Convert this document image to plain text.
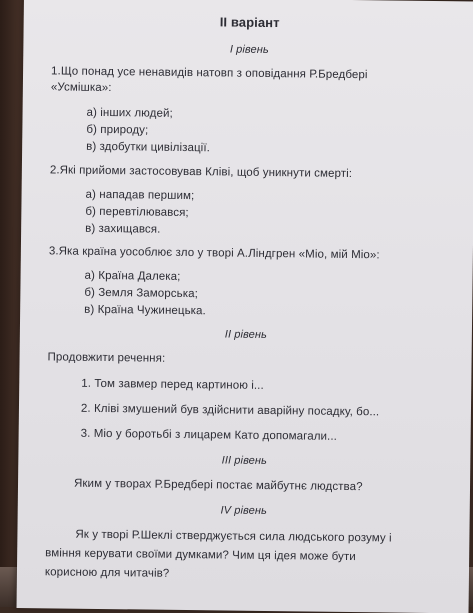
II варіант
I рівень
1.Що понад усе ненавидів натовп з оповідання Р.Бредбері
«Усмішка»:
а) інших людей;
б) природу;
в) здобутки цивілізації.
2.Які прийоми застосовував Кліві, щоб уникнути смерті:
а) нападав першим;
б) перевтілювався;
в) захищався.
3.Яка країна уособлює зло у творі А.Ліндгрен «Міо, мій Міо»:
а) Країна Далека;
б) Земля Заморська;
в) Країна Чужинецька.
II рівень
Продовжити речення:
1. Том завмер перед картиною і...
2. Кліві змушений був здійснити аварійну посадку, бо...
3. Міо у боротьбі з лицарем Като допомагали...
III рівень
Яким у творах Р.Бредбері постає майбутнє людства?
IV рівень
Як у творі Р.Шеклі стверджується сила людського розуму і
вміння керувати своїми думками? Чим ця ідея може бути
корисною для читачів?
